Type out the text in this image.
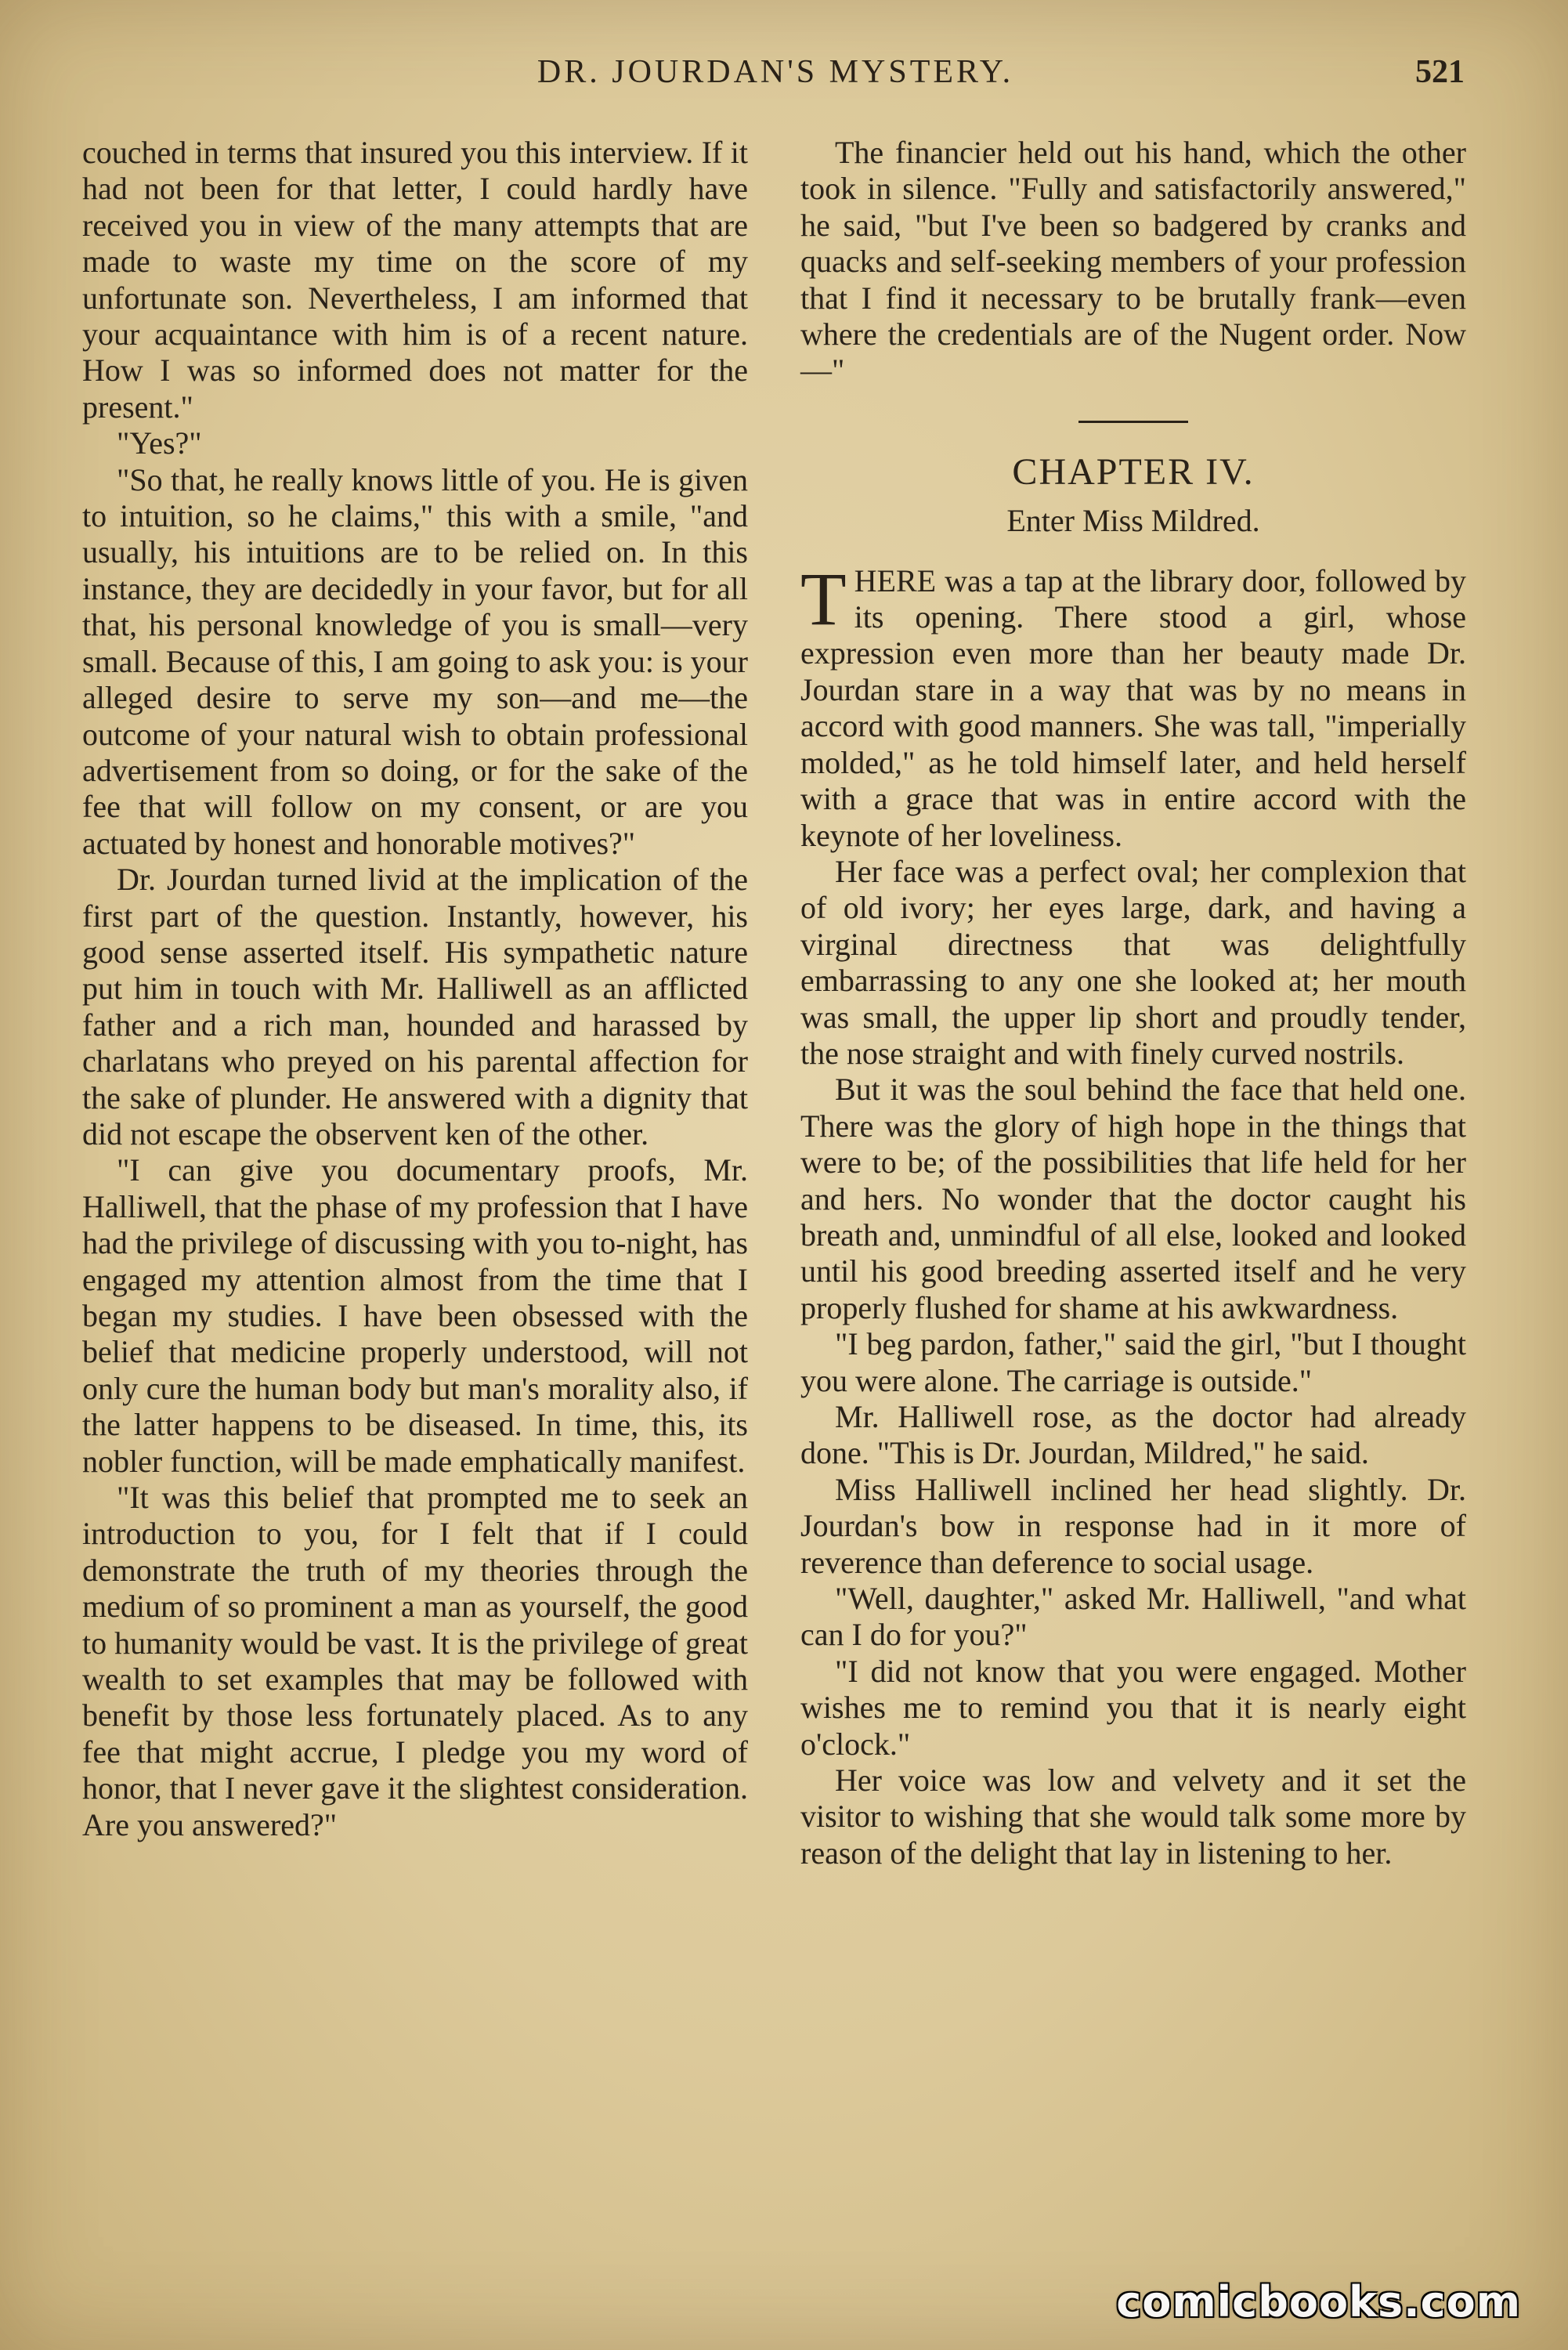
DR. JOURDAN'S MYSTERY.	521

couched in terms that insured you this interview. If it had not been for that letter, I could hardly have received you in view of the many attempts that are made to waste my time on the score of my unfortunate son. Nevertheless, I am informed that your acquaintance with him is of a recent nature. How I was so informed does not matter for the present."

"Yes?"

"So that, he really knows little of you. He is given to intuition, so he claims," this with a smile, "and usually, his intuitions are to be relied on. In this instance, they are decidedly in your favor, but for all that, his personal knowledge of you is small—very small. Because of this, I am going to ask you: is your alleged desire to serve my son—and me—the outcome of your natural wish to obtain professional advertisement from so doing, or for the sake of the fee that will follow on my consent, or are you actuated by honest and honorable motives?"

Dr. Jourdan turned livid at the implication of the first part of the question. Instantly, however, his good sense asserted itself. His sympathetic nature put him in touch with Mr. Halliwell as an afflicted father and a rich man, hounded and harassed by charlatans who preyed on his parental affection for the sake of plunder. He answered with a dignity that did not escape the observent ken of the other.

"I can give you documentary proofs, Mr. Halliwell, that the phase of my profession that I have had the privilege of discussing with you to-night, has engaged my attention almost from the time that I began my studies. I have been obsessed with the belief that medicine properly understood, will not only cure the human body but man's morality also, if the latter happens to be diseased. In time, this, its nobler function, will be made emphatically manifest.

"It was this belief that prompted me to seek an introduction to you, for I felt that if I could demonstrate the truth of my theories through the medium of so prominent a man as yourself, the good to humanity would be vast. It is the privilege of great wealth to set examples that may be followed with benefit by those less fortunately placed. As to any fee that might accrue, I pledge you my word of honor, that I never gave it the slightest consideration. Are you answered?"

The financier held out his hand, which the other took in silence. "Fully and satisfactorily answered," he said, "but I've been so badgered by cranks and quacks and self-seeking members of your profession that I find it necessary to be brutally frank—even where the credentials are of the Nugent order. Now—"

CHAPTER IV.
Enter Miss Mildred.

THERE was a tap at the library door, followed by its opening. There stood a girl, whose expression even more than her beauty made Dr. Jourdan stare in a way that was by no means in accord with good manners. She was tall, "imperially molded," as he told himself later, and held herself with a grace that was in entire accord with the keynote of her loveliness.

Her face was a perfect oval; her complexion that of old ivory; her eyes large, dark, and having a virginal directness that was delightfully embarrassing to any one she looked at; her mouth was small, the upper lip short and proudly tender, the nose straight and with finely curved nostrils.

But it was the soul behind the face that held one. There was the glory of high hope in the things that were to be; of the possibilities that life held for her and hers. No wonder that the doctor caught his breath and, unmindful of all else, looked and looked until his good breeding asserted itself and he very properly flushed for shame at his awkwardness.

"I beg pardon, father," said the girl, "but I thought you were alone. The carriage is outside."

Mr. Halliwell rose, as the doctor had already done. "This is Dr. Jourdan, Mildred," he said.

Miss Halliwell inclined her head slightly. Dr. Jourdan's bow in response had in it more of reverence than deference to social usage.

"Well, daughter," asked Mr. Halliwell, "and what can I do for you?"

"I did not know that you were engaged. Mother wishes me to remind you that it is nearly eight o'clock."

Her voice was low and velvety and it set the visitor to wishing that she would talk some more by reason of the delight that lay in listening to her.

comicbooks.com
